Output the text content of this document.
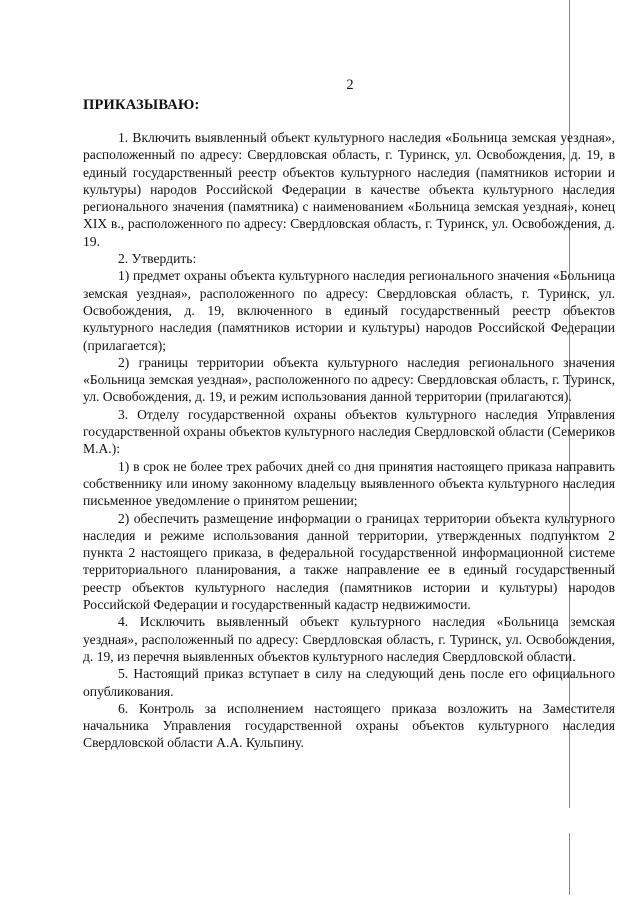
2
ПРИКАЗЫВАЮ:

1. Включить выявленный объект культурного наследия «Больница земская уездная», расположенный по адресу: Свердловская область, г. Туринск, ул. Освобождения, д. 19, в единый государственный реестр объектов культурного наследия (памятников истории и культуры) народов Российской Федерации в качестве объекта культурного наследия регионального значения (памятника) с наименованием «Больница земская уездная», конец XIX в., расположенного по адресу: Свердловская область, г. Туринск, ул. Освобождения, д. 19.

2. Утвердить:

1) предмет охраны объекта культурного наследия регионального значения «Больница земская уездная», расположенного по адресу: Свердловская область, г. Туринск, ул. Освобождения, д. 19, включенного в единый государственный реестр объектов культурного наследия (памятников истории и культуры) народов Российской Федерации (прилагается);

2) границы территории объекта культурного наследия регионального значения «Больница земская уездная», расположенного по адресу: Свердловская область, г. Туринск, ул. Освобождения, д. 19, и режим использования данной территории (прилагаются).

3. Отделу государственной охраны объектов культурного наследия Управления государственной охраны объектов культурного наследия Свердловской области (Семериков М.А.):

1) в срок не более трех рабочих дней со дня принятия настоящего приказа направить собственнику или иному законному владельцу выявленного объекта культурного наследия письменное уведомление о принятом решении;

2) обеспечить размещение информации о границах территории объекта культурного наследия и режиме использования данной территории, утвержденных подпунктом 2 пункта 2 настоящего приказа, в федеральной государственной информационной системе территориального планирования, а также направление ее в единый государственный реестр объектов культурного наследия (памятников истории и культуры) народов Российской Федерации и государственный кадастр недвижимости.

4. Исключить выявленный объект культурного наследия «Больница земская уездная», расположенный по адресу: Свердловская область, г. Туринск, ул. Освобождения, д. 19, из перечня выявленных объектов культурного наследия Свердловской области.

5. Настоящий приказ вступает в силу на следующий день после его официального опубликования.

6. Контроль за исполнением настоящего приказа возложить на Заместителя начальника Управления государственной охраны объектов культурного наследия Свердловской области А.А. Кульпину.
